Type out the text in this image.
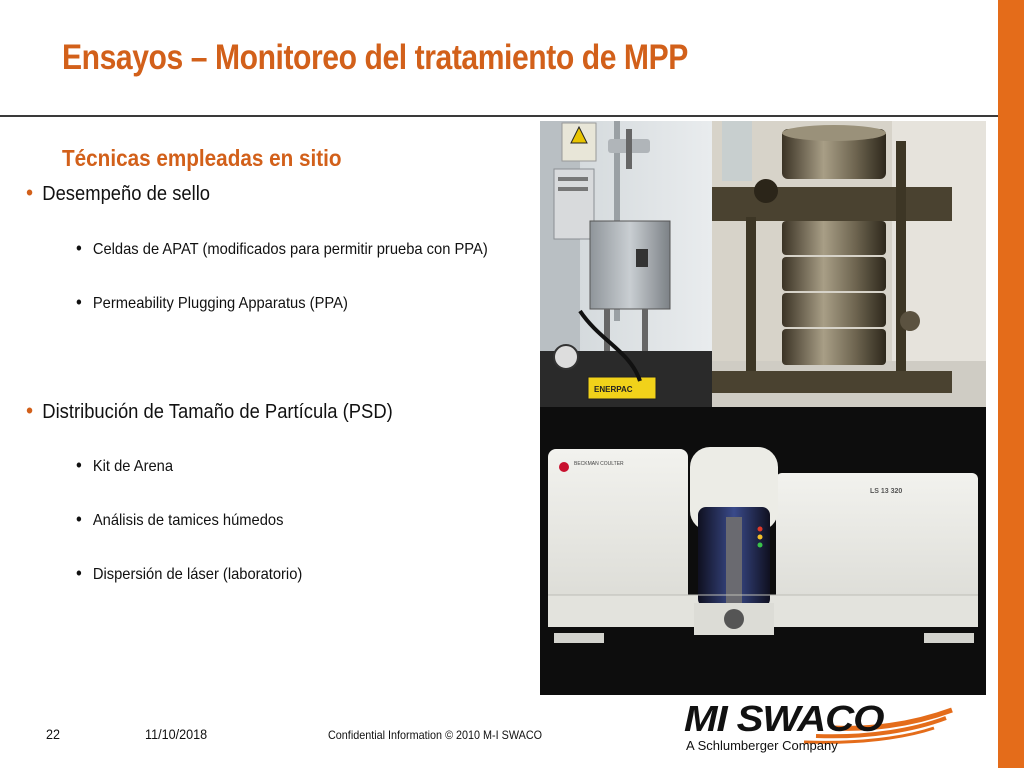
Ensayos – Monitoreo del tratamiento de MPP
Técnicas empleadas en sitio
• Desempeño de sello
• Celdas de APAT (modificados para permitir prueba con PPA)
• Permeability Plugging Apparatus (PPA)
• Distribución de Tamaño de Partícula (PSD)
• Kit de Arena
• Análisis de tamices húmedos
• Dispersión de láser (laboratorio)
ENERPAC
BECKMAN COULTER
LS 13 320
22	11/10/2018	Confidential Information © 2010 M-I SWACO	MI SWACO
A Schlumberger Company
